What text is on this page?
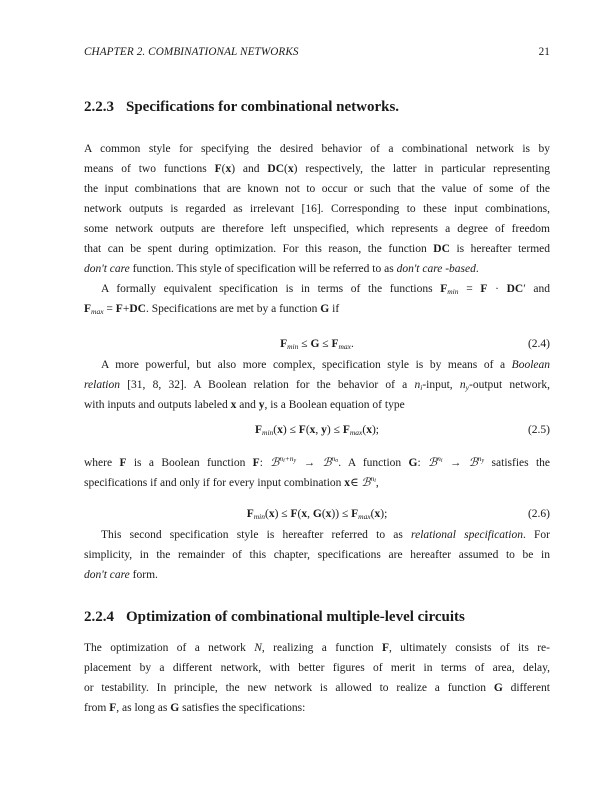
CHAPTER 2. COMBINATIONAL NETWORKS	21
2.2.3 Specifications for combinational networks.
A common style for specifying the desired behavior of a combinational network is by
means of two functions F(x) and DC(x) respectively, the latter in particular representing
the input combinations that are known not to occur or such that the value of some of the
network outputs is regarded as irrelevant [16]. Corresponding to these input combinations,
some network outputs are therefore left unspecified, which represents a degree of freedom
that can be spent during optimization. For this reason, the function DC is hereafter termed
don't care function. This style of specification will be referred to as don't care -based.
A formally equivalent specification is in terms of the functions $F_{min} = F \cdot DC'$ and
$F_{max} = F+DC$. Specifications are met by a function G if
$F_{min} \le G \le F_{max}$.	(2.4)
A more powerful, but also more complex, specification style is by means of a Boolean
relation [31, 8, 32]. A Boolean relation for the behavior of a $n_i$-input, $n_y$-output network,
with inputs and outputs labeled x and y, is a Boolean equation of type
$F_{min}(x) \le F(x$, $y) \le F_{max}(x)$;	(2.5)
where F is a Boolean function F: ℬ$^{n_i+n_y}$ → ℬ$^{n_o}$. A function G: ℬ$^{n_i}$ → ℬ$^{n_y}$ satisfies the
specifications if and only if for every input combination x∈ ℬ$^{n_i}$,
$F_{min}(x) \le F(x$, $G(x)) \le F_{max}(x)$;	(2.6)
This second specification style is hereafter referred to as relational specification. For
simplicity, in the remainder of this chapter, specifications are hereafter assumed to be in
don't care form.
2.2.4 Optimization of combinational multiple-level circuits
The optimization of a network N, realizing a function F, ultimately consists of its re-
placement by a different network, with better figures of merit in terms of area, delay,
or testability. In principle, the new network is allowed to realize a function G different
from F, as long as G satisfies the specifications:
